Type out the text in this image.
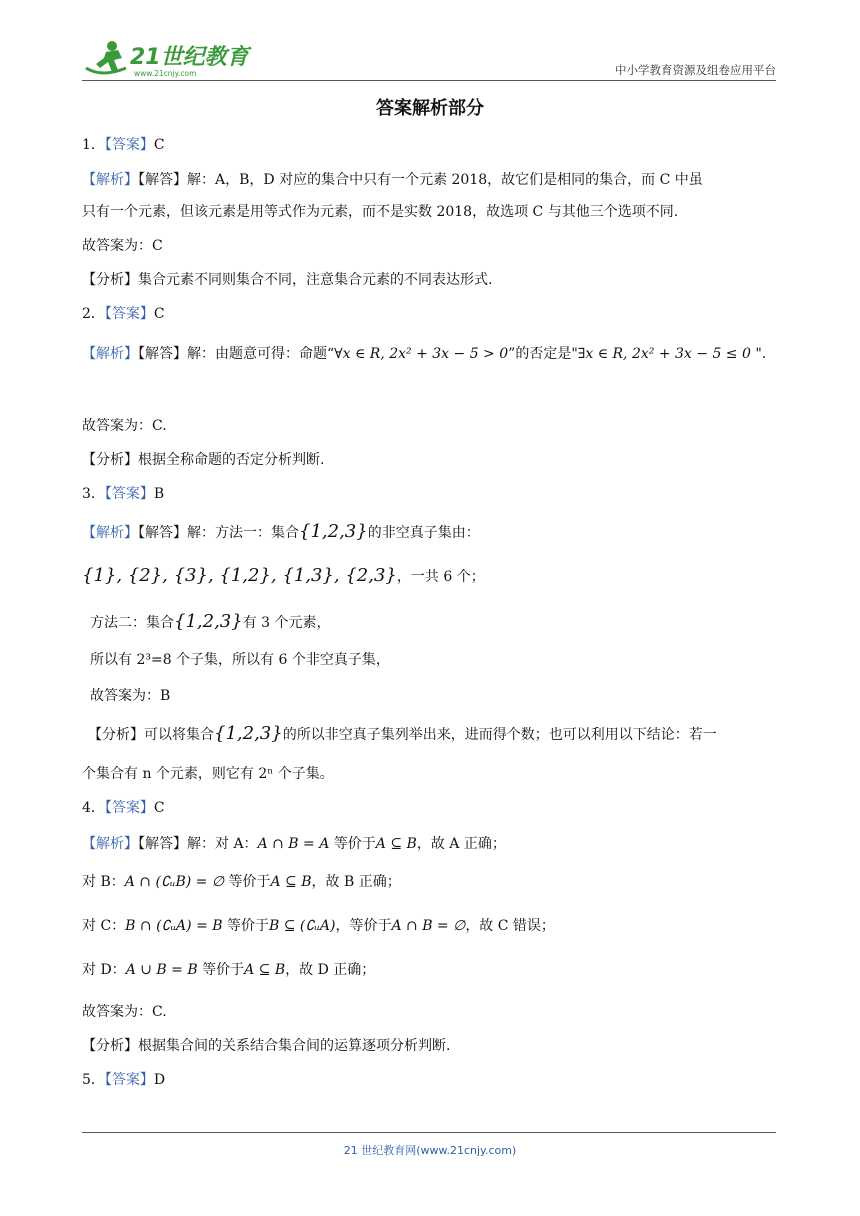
21世纪教育
www.21cnjy.com	中小学教育资源及组卷应用平台
答案解析部分
1．【答案】C
【解析】【解答】解：A，B，D 对应的集合中只有一个元素 2018，故它们是相同的集合，而 C 中虽
只有一个元素，但该元素是用等式作为元素，而不是实数 2018，故选项 C 与其他三个选项不同.
故答案为：C
【分析】集合元素不同则集合不同，注意集合元素的不同表达形式.
2．【答案】C
【解析】【解答】解：由题意可得：命题“∀x ∈ R, 2x² + 3x − 5 > 0”的否定是"∃x ∈ R, 2x² + 3x − 5 ≤ 0 ".
故答案为：C.
【分析】根据全称命题的否定分析判断.
3．【答案】B
【解析】【解答】解：方法一：集合{1,2,3}的非空真子集由：
{1}, {2}, {3}, {1,2}, {1,3}, {2,3}，一共 6 个；
方法二：集合{1,2,3}有 3 个元素，
所以有 2³=8 个子集，所以有 6 个非空真子集，
故答案为：B
【分析】可以将集合{1,2,3}的所以非空真子集列举出来，进而得个数；也可以利用以下结论：若一
个集合有 n 个元素，则它有 2ⁿ 个子集。
4．【答案】C
【解析】【解答】解：对 A：A ∩ B = A 等价于A ⊆ B，故 A 正确；
对 B：A ∩ (∁ᵤB) = ∅ 等价于A ⊆ B，故 B 正确；
对 C：B ∩ (∁ᵤA) = B 等价于B ⊆ (∁ᵤA)，等价于A ∩ B = ∅，故 C 错误；
对 D：A ∪ B = B 等价于A ⊆ B，故 D 正确；
故答案为：C.
【分析】根据集合间的关系结合集合间的运算逐项分析判断.
5．【答案】D
21 世纪教育网(www.21cnjy.com)
